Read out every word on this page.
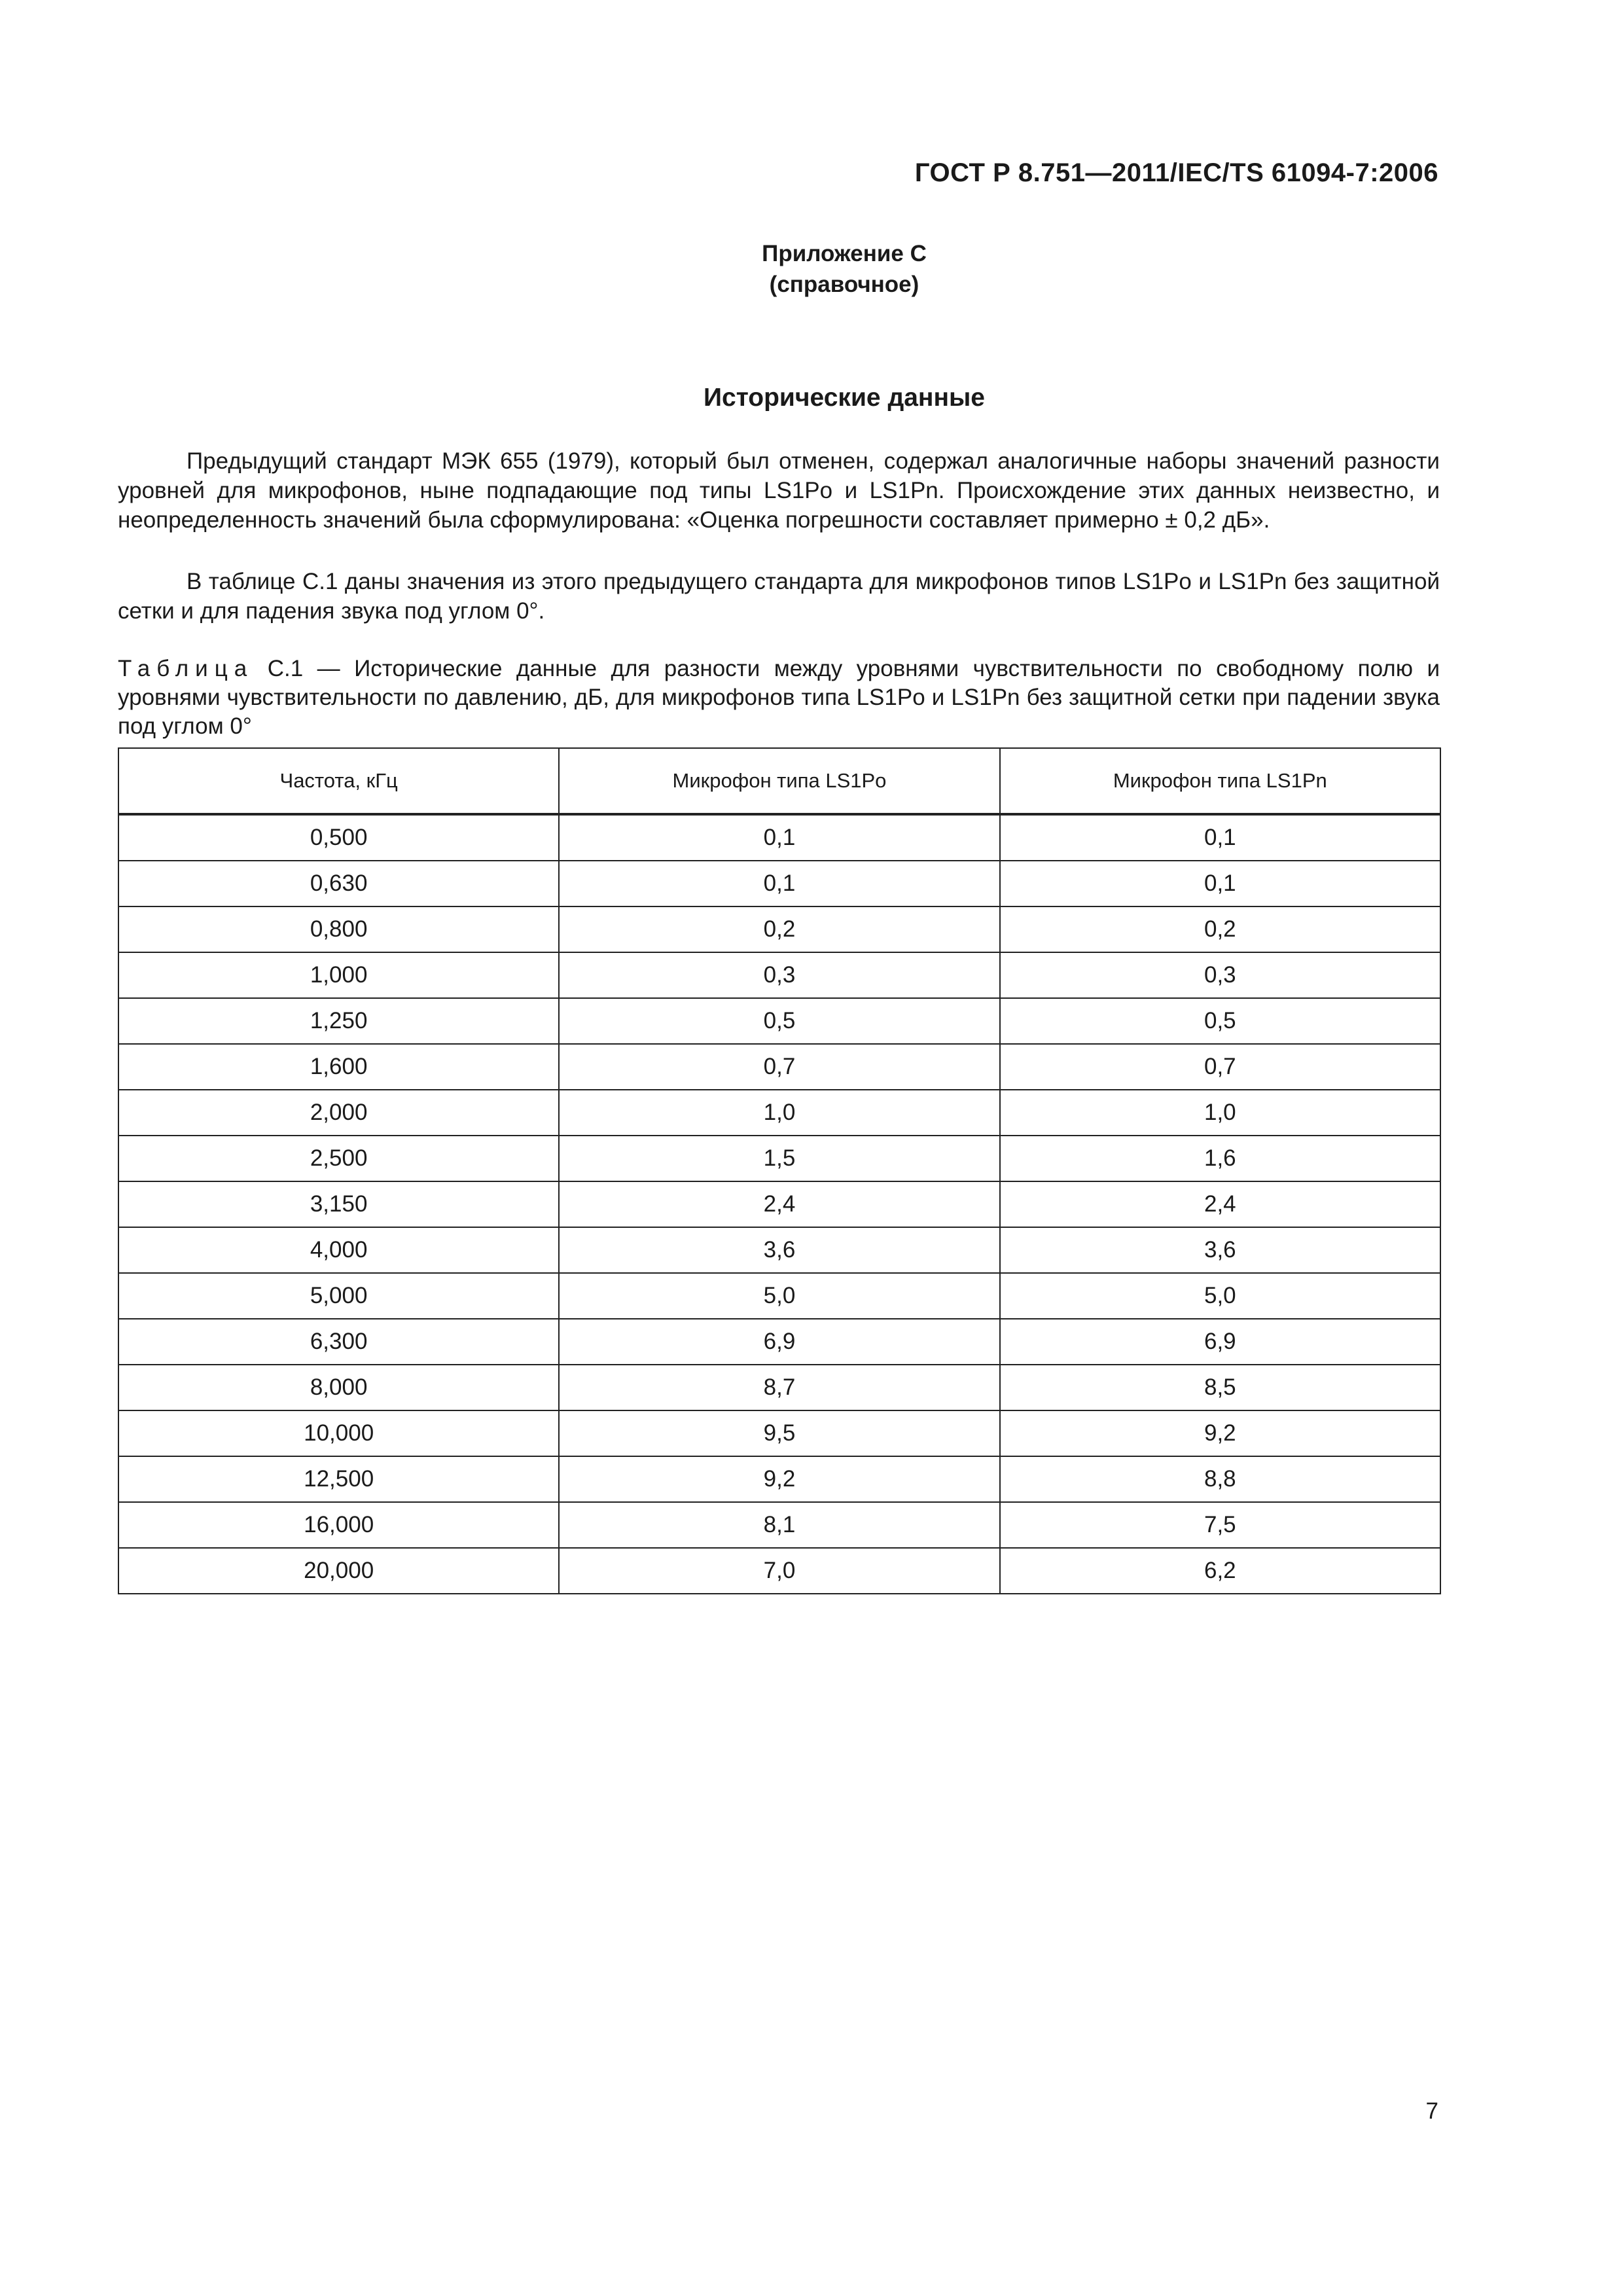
ГОСТ Р 8.751—2011/IEC/TS 61094-7:2006
Приложение С
(справочное)
Исторические данные

Предыдущий стандарт МЭК 655 (1979), который был отменен, содержал аналогичные наборы значений разности уровней для микрофонов, ныне подпадающие под типы LS1Po и LS1Pn. Происхождение этих данных неизвестно, и неопределенность значений была сформулирована: «Оценка погрешности составляет примерно ± 0,2 дБ».

В таблице С.1 даны значения из этого предыдущего стандарта для микрофонов типов LS1Po и LS1Pn без защитной сетки и для падения звука под углом 0°.

Таблица С.1 — Исторические данные для разности между уровнями чувствительности по свободному полю и уровнями чувствительности по давлению, дБ, для микрофонов типа LS1Po и LS1Pn без защитной сетки при падении звука под углом 0°
Частота, кГц	Микрофон типа LS1Po	Микрофон типа LS1Pn
0,500	0,1	0,1
0,630	0,1	0,1
0,800	0,2	0,2
1,000	0,3	0,3
1,250	0,5	0,5
1,600	0,7	0,7
2,000	1,0	1,0
2,500	1,5	1,6
3,150	2,4	2,4
4,000	3,6	3,6
5,000	5,0	5,0
6,300	6,9	6,9
8,000	8,7	8,5
10,000	9,5	9,2
12,500	9,2	8,8
16,000	8,1	7,5
20,000	7,0	6,2
7
